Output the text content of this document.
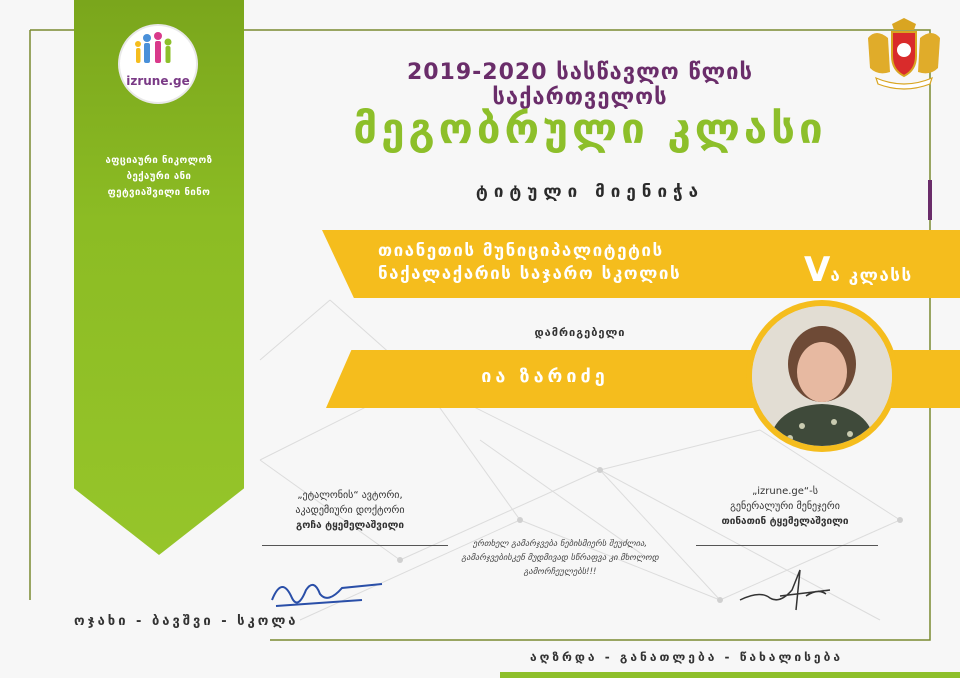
izrune.ge
აფციაური ნიკოლოზ
ბექაური ანი
ფეტვიაშვილი ნინო
2019-2020 სასწავლო წლის საქართველოს
მეგობრული კლასი
ტიტული მიენიჭა
თიანეთის მუნიციპალიტეტის
ნაქალაქარის საჯარო სკოლის	Vა კლასს
დამრიგებელი
ია ზარიძე
„ეტალონის“ ავტორი,
აკადემიური დოქტორი
გოჩა ტყემელაშვილი
„izrune.ge“-ს
გენერალური მენეჯერი
თინათინ ტყემელაშვილი
ერთხელ გამარჯვება ნებისმიერს შეუძლია,
გამარჯვებისკენ მუდმივად სწრაფვა კი მხოლოდ გამორჩეულებს!!!
ოჯახი - ბავშვი - სკოლა
აღზრდა - განათლება - წახალისება
